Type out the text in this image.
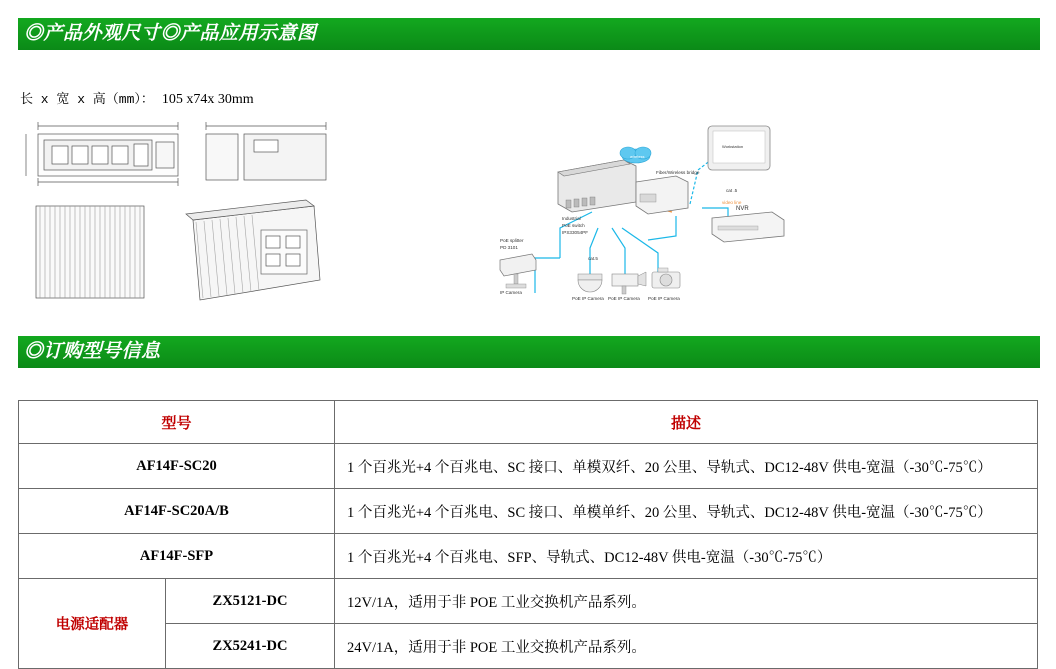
◎产品外观尺寸◎产品应用示意图
长 x 宽 x 高（mm）： 105 x74x 30mm
IP Camera
PoE IP Camera PoE IP Camera PoE IP Camera
PoE splitter
PD 3101
Industrial
PoE switch
IPS33054PF
cat.5
wireless
Fiber/Wireless bridge
NVR
Workstation
cat .5
video line
◎订购型号信息
型号		描述
AF14F-SC20		1 个百兆光+4 个百兆电、SC 接口、单模双纤、20 公里、导轨式、DC12-48V 供电-宽温（-30℃-75℃）
AF14F-SC20A/B		1 个百兆光+4 个百兆电、SC 接口、单模单纤、20 公里、导轨式、DC12-48V 供电-宽温（-30℃-75℃）
AF14F-SFP		1 个百兆光+4 个百兆电、SFP、导轨式、DC12-48V 供电-宽温（-30℃-75℃）
电源适配器	ZX5121-DC	12V/1A，适用于非 POE 工业交换机产品系列。
	ZX5241-DC	24V/1A，适用于非 POE 工业交换机产品系列。
